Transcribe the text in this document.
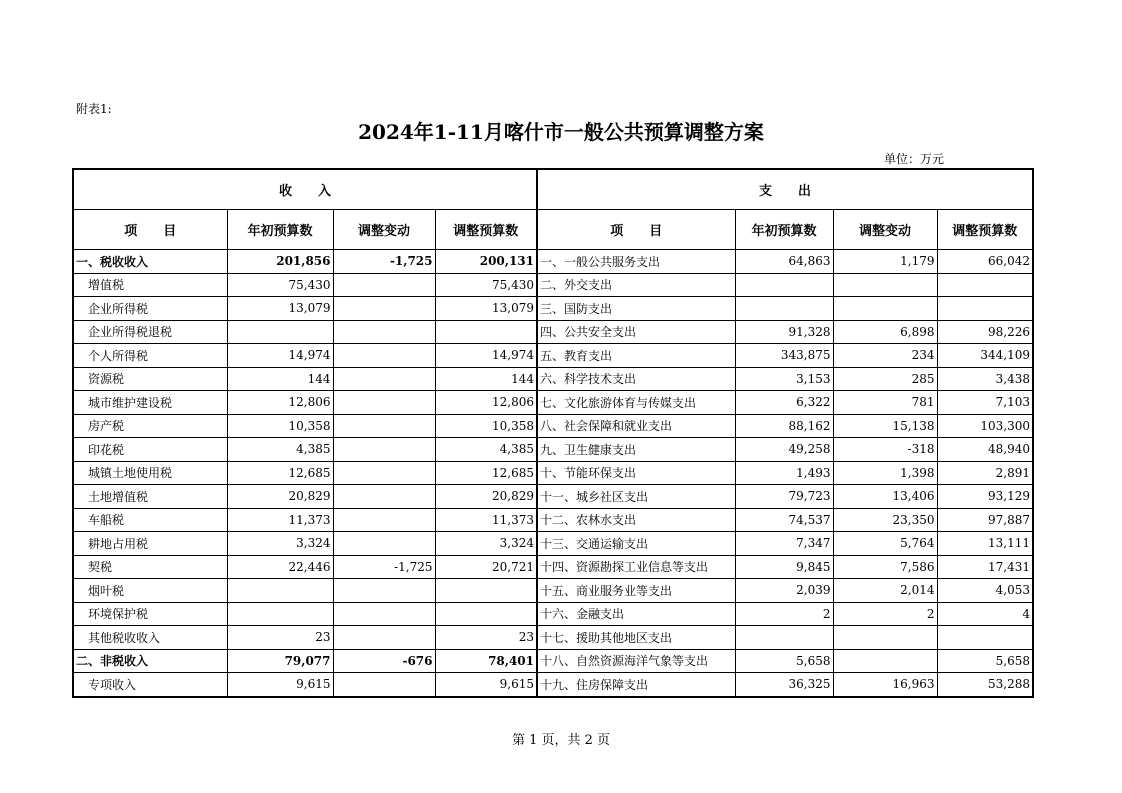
附表1:
2024年1-11月喀什市一般公共预算调整方案
单位：万元
收　　入				支　　出			
项　　目	年初预算数	调整变动	调整预算数	项　　目	年初预算数	调整变动	调整预算数
一、税收收入	201,856	-1,725	200,131	一、一般公共服务支出	64,863	1,179	66,042
增值税	75,430		75,430	二、外交支出			
企业所得税	13,079		13,079	三、国防支出			
企业所得税退税				四、公共安全支出	91,328	6,898	98,226
个人所得税	14,974		14,974	五、教育支出	343,875	234	344,109
资源税	144		144	六、科学技术支出	3,153	285	3,438
城市维护建设税	12,806		12,806	七、文化旅游体育与传媒支出	6,322	781	7,103
房产税	10,358		10,358	八、社会保障和就业支出	88,162	15,138	103,300
印花税	4,385		4,385	九、卫生健康支出	49,258	-318	48,940
城镇土地使用税	12,685		12,685	十、节能环保支出	1,493	1,398	2,891
土地增值税	20,829		20,829	十一、城乡社区支出	79,723	13,406	93,129
车船税	11,373		11,373	十二、农林水支出	74,537	23,350	97,887
耕地占用税	3,324		3,324	十三、交通运输支出	7,347	5,764	13,111
契税	22,446	-1,725	20,721	十四、资源勘探工业信息等支出	9,845	7,586	17,431
烟叶税				十五、商业服务业等支出	2,039	2,014	4,053
环境保护税				十六、金融支出	2	2	4
其他税收收入	23		23	十七、援助其他地区支出			
二、非税收入	79,077	-676	78,401	十八、自然资源海洋气象等支出	5,658		5,658
专项收入	9,615		9,615	十九、住房保障支出	36,325	16,963	53,288
第 1 页，共 2 页
